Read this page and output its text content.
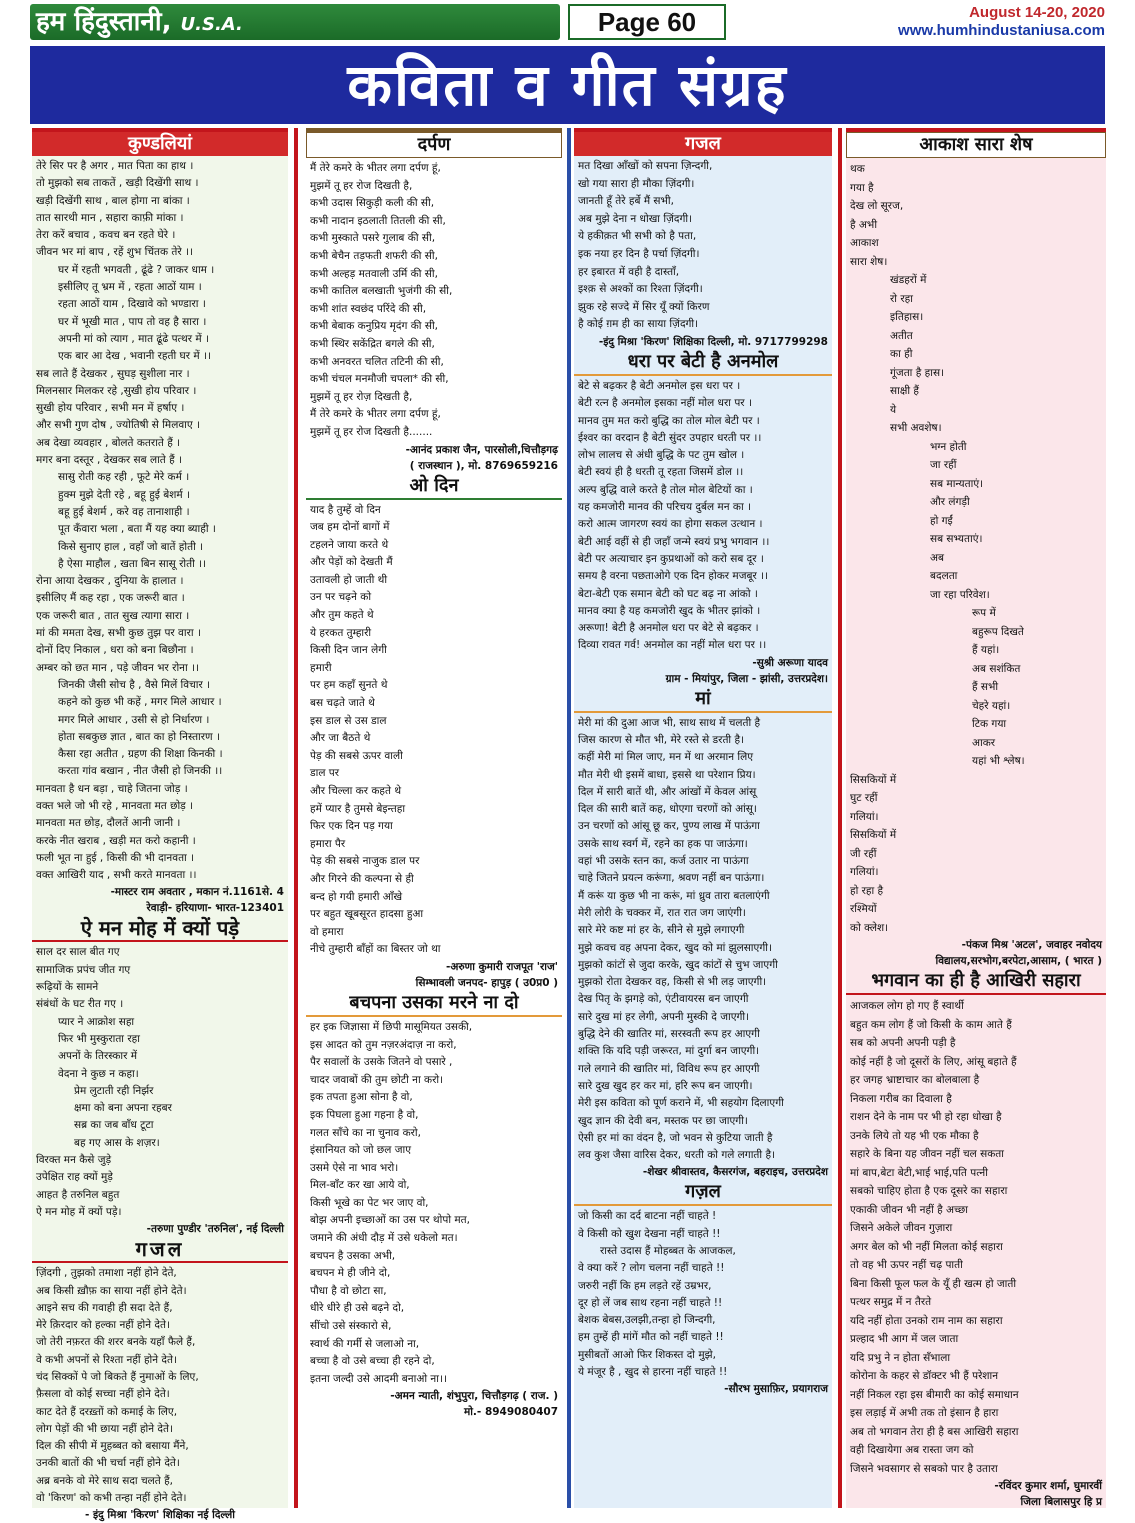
हम हिंदुस्तानी, U.S.A.	Page 60	August 14-20, 2020
www.humhindustaniusa.com
कविता व गीत संग्रह
कुण्डलियां
तेरे सिर पर है अगर , मात पिता का हाथ ।
तो मुझको सब ताकतें , खड़ी दिखेंगी साथ ।
खड़ी दिखेंगी साथ , बाल होगा ना बांका ।
तात सारथी मान , सहारा काफ़ी मांका ।
तेरा करें बचाव , कवच बन रहते घेरे ।
जीवन भर मां बाप , रहें शुभ चिंतक तेरे ।।
घर में रहती भगवती , ढूंढे ? जाकर धाम ।
इसीलिए तू भ्रम में , रहता आठों याम ।
रहता आठों याम , दिखावे को भण्डारा ।
घर में भूखी मात , पाप तो वह है सारा ।
अपनी मां को त्याग , मात ढूंढे पत्थर में ।
एक बार आ देख , भवानी रहती घर में ।।
सब लाते हैं देखकर , सुघड़ सुशीला नार ।
मिलनसार मिलकर रहे ,सुखी होय परिवार ।
सुखी होय परिवार , सभी मन में हर्षाए ।
और सभी गुण दोष , ज्योतिषी से मिलवाए ।
अब देखा व्यवहार , बोलते कतराते हैं ।
मगर बना दस्तूर , देखकर सब लाते हैं ।
सासु रोती कह रही , फूटे मेरे कर्म ।
हुक्म मुझे देती रहे , बहू हुई बेशर्म ।
बहू हुई बेशर्म , करे वह तानाशाही ।
पूत कँवारा भला , बता मैं यह क्या ब्याही ।
किसे सुनाए हाल , वहाँ जो बातें होती ।
है ऐसा माहौल , खता बिन सासू रोती ।।
रोना आया देखकर , दुनिया के हालात ।
इसीलिए मैं कह रहा , एक जरूरी बात ।
एक जरूरी बात , तात सुख त्यागा सारा ।
मां की ममता देख, सभी कुछ तुझ पर वारा ।
दोनों दिए निकाल , धरा को बना बिछौना ।
अम्बर को छत मान , पड़े जीवन भर रोना ।।
जिनकी जैसी सोच है , वैसे मिलें विचार ।
कहने को कुछ भी कहें , मगर मिले आधार ।
मगर मिले आधार , उसी से हो निर्धारण ।
होता सबकुछ ज्ञात , बात का हो निस्तारण ।
कैसा रहा अतीत , ग्रहण की शिक्षा किनकी ।
करता गांव बखान , नीत जैसी हो जिनकी ।।
मानवता है धन बड़ा , चाहे जितना जोड़ ।
वक्त भले जो भी रहे , मानवता मत छोड़ ।
मानवता मत छोड़, दौलतें आनी जानी ।
करके नीत खराब , खड़ी मत करो कहानी ।
फली भूत ना हुई , किसी की भी दानवता ।
वक्त आखिरी याद , सभी करते मानवता ।।
-मास्टर राम अवतार , मकान नं.1161से. 4
रेवाड़ी- हरियाणा- भारत-123401
ऐ मन मोह में क्यों पड़े
साल दर साल बीत गए
सामाजिक प्रपंच जीत गए
रूढ़ियों के सामने
संबंधों के घट रीत गए ।
प्यार ने आक्रोश सहा
फिर भी मुस्कुराता रहा
अपनों के तिरस्कार में
वेदना ने कुछ न कहा।
प्रेम लुटाती रही निर्झर
क्षमा को बना अपना रहबर
सब्र का जब बाँध टूटा
बह गए आस के शज़र।
विरक्त मन कैसे जुड़े
उपेक्षित राह क्यों मुड़े
आहत है तरुनिल बहुत
ऐ मन मोह में क्यों पड़े।
-तरुणा पुण्डीर 'तरुनिल', नई दिल्ली
गजल
ज़िंदगी , तुझको तमाशा नहीं होने देते,
अब किसी ख़ौफ़ का साया नहीं होने देते।
आइने सच की गवाही ही सदा देते हैं,
मेरे क़िरदार को हल्का नहीं होने देते।
जो तेरी नफ़रत की शरर बनके यहाँ फैले हैं,
वे कभी अपनों से रिश्ता नहीं होने देते।
चंद सिक्कों पे जो बिकते हैं नुमाओं के लिए,
फ़ैसला वो कोई सच्चा नहीं होने देते।
काट देते हैं दरख़्तों को कमाई के लिए,
लोग पेड़ों की भी छाया नहीं होने देते।
दिल की सीपी में मुहब्बत को बसाया मैंने,
उनकी बातों की भी चर्चा नहीं होने देते।
अब्र बनके वो मेरे साथ सदा चलते हैं,
वो 'किरण' को कभी तन्हा नहीं होने देते।
- इंदु मिश्रा 'किरण' शिक्षिका नई दिल्ली
दर्पण
मैं तेरे कमरे के भीतर लगा दर्पण हूं,
मुझमें तू हर रोज दिखती है,
कभी उदास सिकुड़ी कली की सी,
कभी नादान इठलाती तितली की सी,
कभी मुस्काते पसरे गुलाब की सी,
कभी बेचैन तड़फती शफरी की सी,
कभी अल्हड़ मतवाली उर्मि की सी,
कभी कातिल बलखाती भुजंगी की सी,
कभी शांत स्वछंद परिंदे की सी,
कभी बेबाक कनुप्रिय मृदंग की सी,
कभी स्थिर सकेंद्रित बगले की सी,
कभी अनवरत चलित तटिनी की सी,
कभी चंचल मनमौजी चपला* की सी,
मुझमें तू हर रोज़ दिखती है,
मैं तेरे कमरे के भीतर लगा दर्पण हूं,
मुझमें तू हर रोज दिखती है.......
-आनंद प्रकाश जैन, पारसोली,चित्तौड़गढ़
( राजस्थान ), मो. 8769659216
ओ दिन
याद है तुम्हें वो दिन
जब हम दोनों बागों में
टहलने जाया करते थे
और पेड़ों को देखती मैं
उतावली हो जाती थी
उन पर चढ़ने को
और तुम कहते थे
ये हरकत तुम्हारी
किसी दिन जान लेगी
हमारी
पर हम कहाँ सुनते थे
बस चढ़ते जाते थे
इस डाल से उस डाल
और जा बैठते थे
पेड़ की सबसे ऊपर वाली
डाल पर
और चिल्ला कर कहते थे
हमें प्यार है तुमसे बेइन्तहा
फिर एक दिन पड़ गया
हमारा पैर
पेड़ की सबसे नाजुक डाल पर
और गिरने की कल्पना से ही
बन्द हो गयी हमारी आँखे
पर बहुत खूबसूरत हादसा हुआ
वो हमारा
नीचे तुम्हारी बाँहों का बिस्तर जो था
-अरुणा कुमारी राजपूत 'राज'
सिम्भावली जनपद- हापुड़ ( उ0प्र0 )
बचपना उसका मरने ना दो
हर इक जिज्ञासा में छिपी मासूमियत उसकी,
इस आदत को तुम नज़रअंदाज़ ना करो,
पैर सवालों के उसके जितने वो पसारे ,
चादर जवाबों की तुम छोटी ना करो।
इक तपता हुआ सोना है वो,
इक पिघला हुआ गहना है वो,
गलत साँचे का ना चुनाव करो,
इंसानियत को जो छल जाए
उसमे ऐसे ना भाव भरो।
मिल-बाँट कर खा आये वो,
किसी भूखे का पेट भर जाए वो,
बोझ अपनी इच्छाओं का उस पर थोपो मत,
जमाने की अंधी दौड़ में उसे धकेलो मत।
बचपन है उसका अभी,
बचपन मे ही जीने दो,
पौधा है वो छोटा सा,
धीरे धीरे ही उसे बढ़ने दो,
सींचो उसे संस्कारो से,
स्वार्थ की गर्मी से जलाओ ना,
बच्चा है वो उसे बच्चा ही रहने दो,
इतना जल्दी उसे आदमी बनाओ ना।।
-अमन न्याती, शंभुपुरा, चित्तौड़गढ़ ( राज. )
मो.- 8949080407
गजल
मत दिखा आँखों को सपना ज़िन्दगी,
खो गया सारा ही मौका ज़िंदगी।
जानती हूँ तेरे हर्बे मैं सभी,
अब मुझे देना न धोखा ज़िंदगी।
ये हकीक़त भी सभी को है पता,
इक नया हर दिन है पर्चा ज़िंदगी।
हर इबारत में वही है दास्ताँ,
इश्क़ से अश्कों का रिश्ता ज़िंदगी।
झुक रहे सज्दे में सिर यूँ क्यों किरण
है कोई ग़म ही का साया ज़िंदगी।
-इंदु मिश्रा 'किरण' शिक्षिका दिल्ली, मो. 9717799298
धरा पर बेटी है अनमोल
बेटे से बढ़कर है बेटी अनमोल इस धरा पर ।
बेटी रत्न है अनमोल इसका नहीं मोल धरा पर ।
मानव तुम मत करो बुद्धि का तोल मोल बेटी पर ।
ईश्वर का वरदान है बेटी सुंदर उपहार धरती पर ।।
लोभ लालच से अंधी बुद्धि के पट तुम खोल ।
बेटी स्वयं ही है धरती तू रहता जिसमें डोल ।।
अल्प बुद्धि वाले करते है तोल मोल बेटियों का ।
यह कमजोरी मानव की परिचय दुर्बल मन का ।
करो आत्म जागरण स्वयं का होगा सकल उत्थान ।
बेटी आई वहीं से ही जहाँ जन्मे स्वयं प्रभु भगवान ।।
बेटी पर अत्याचार इन कुप्रथाओं को करो सब दूर ।
समय है वरना पछताओगे एक दिन होकर मजबूर ।।
बेटा-बेटी एक समान बेटी को घट बढ़ ना आंको ।
मानव क्या है यह कमजोरी खुद के भीतर झांको ।
अरूणा! बेटी है अनमोल धरा पर बेटे से बढ़कर ।
दिव्या रावत गर्व! अनमोल का नहीं मोल धरा पर ।।
-सुश्री अरूणा यादव
ग्राम - मियांपुर, जिला - झांसी, उत्तरप्रदेश।
मां
मेरी मां की दुआ आज भी, साथ साथ में चलती है
जिस कारण से मौत भी, मेरे रस्ते से डरती है।
कहीं मेरी मां मिल जाए, मन में था अरमान लिए
मौत मेरी थी इसमें बाधा, इससे था परेशान प्रिय।
दिल में सारी बातें थी, और आंखों में केवल आंसू
दिल की सारी बातें कह, धोएगा चरणों को आंसू।
उन चरणों को आंसू छू कर, पुण्य लाख में पाऊंगा
उसके साथ स्वर्ग में, रहने का हक पा जाऊंगा।
वहां भी उसके स्तन का, कर्ज उतार ना पाऊंगा
चाहे जितने प्रयत्न करूंगा, श्रवण नहीं बन पाऊंगा।
मैं करूं या कुछ भी ना करूं, मां ध्रुव तारा बतलाएंगी
मेरी लोरी के चक्कर में, रात रात जग जाएंगी।
सारे मेरे कष्ट मां हर के, सीने से मुझे लगाएगी
मुझे कवच वह अपना देकर, खुद को मां झुलसाएगी।
मुझको कांटों से जुदा करके, खुद कांटों से चुभ जाएगी
मुझको रोता देखकर वह, किसी से भी लड़ जाएगी।
देख पितृ के झगड़े को, एंटीवायरस बन जाएगी
सारे दुख मां हर लेगी, अपनी मुस्की दे जाएगी।
बुद्धि देने की खातिर मां, सरस्वती रूप हर आएगी
शक्ति कि यदि पड़ी जरूरत, मां दुर्गा बन जाएगी।
गले लगाने की खातिर मां, विविध रूप हर आएगी
सारे दुख खुद हर कर मां, हरि रूप बन जाएगी।
मेरी इस कविता को पूर्ण कराने में, भी सहयोग दिलाएगी
खुद ज्ञान की देवी बन, मस्तक पर छा जाएगी।
ऐसी हर मां का वंदन है, जो भवन से कुटिया जाती है
लव कुश जैसा वारिस देकर, धरती को गले लगाती है।
-शेखर श्रीवास्तव, कैसरगंज, बहराइच, उत्तरप्रदेश
गज़ल
जो किसी का दर्द बाटना नहीं चाहते !
वे किसी को खुश देखना नहीं चाहते !!
रास्ते उदास हैं मोहब्बत के आजकल,
वे क्या करें ? लोग चलना नहीं चाहते !!
जरुरी नहीं कि हम लड़ते रहें उम्रभर,
दूर हो लें जब साथ रहना नहीं चाहते !!
बेशक बेबस,उलझी,तन्हा हो जिन्दगी,
हम तुम्हें ही मांगें मौत को नहीं चाहते !!
मुसीबतों आओ फिर शिकस्त दो मुझे,
ये मंजूर है , खुद से हारना नहीं चाहते !!
-सौरभ मुसाफ़िर, प्रयागराज
आकाश सारा शेष
थक
गया है
देख लो सूरज,
है अभी
आकाश
सारा शेष।
खंडहरों में
रो रहा
इतिहास।
अतीत
का ही
गूंजता है हास।
साक्षी हैं
ये
सभी अवशेष।
भग्न होती
जा रहीं
सब मान्यताएं।
और लंगड़ी
हो गईं
सब सभ्यताएं।
अब
बदलता
जा रहा परिवेश।
रूप में
बहुरूप दिखते
हैं यहां।
अब सशंकित
हैं सभी
चेहरे यहां।
टिक गया
आकर
यहां भी श्लेष।
सिसकियों में
घुट रहीं
गलियां।
सिसकियों में
जी रहीं
गलियां।
हो रहा है
रश्मियों
को क्लेश।
-पंकज मिश्र 'अटल', जवाहर नवोदय
विद्यालय,सरभोग,बरपेटा,आसाम, ( भारत )
भगवान का ही है आखिरी सहारा
आजकल लोग हो गए हैं स्वार्थी
बहुत कम लोग हैं जो किसी के काम आते हैं
सब को अपनी अपनी पड़ी है
कोई नहीं है जो दूसरों के लिए, आंसू बहाते हैं
हर जगह भ्राष्टाचार का बोलबाला है
निकला गरीब का दिवाला है
राशन देने के नाम पर भी हो रहा धोखा है
उनके लिये तो यह भी एक मौका है
सहारे के बिना यह जीवन नहीं चल सकता
मां बाप,बेटा बेटी,भाई भाई,पति पत्नी
सबको चाहिए होता है एक दूसरे का सहारा
एकाकी जीवन भी नहीं है अच्छा
जिसने अकेले जीवन गुज़ारा
अगर बेल को भी नहीं मिलता कोई सहारा
तो वह भी ऊपर नहीं चढ़ पाती
बिना किसी फूल फल के यूँ ही खत्म हो जाती
पत्थर समुद्र में न तैरते
यदि नहीं होता उनको राम नाम का सहारा
प्रल्हाद भी आग में जल जाता
यदि प्रभु ने न होता सँभाला
कोरोना के कहर से डॉक्टर भी हैं परेशान
नहीं निकल रहा इस बीमारी का कोई समाधान
इस लड़ाई में अभी तक तो इंसान है हारा
अब तो भगवान तेरा ही है बस आखिरी सहारा
वही दिखायेगा अब रास्ता जग को
जिसने भवसागर से सबको पार है उतारा
-रविंदर कुमार शर्मा, घुमारवीं
जिला बिलासपुर हि प्र
